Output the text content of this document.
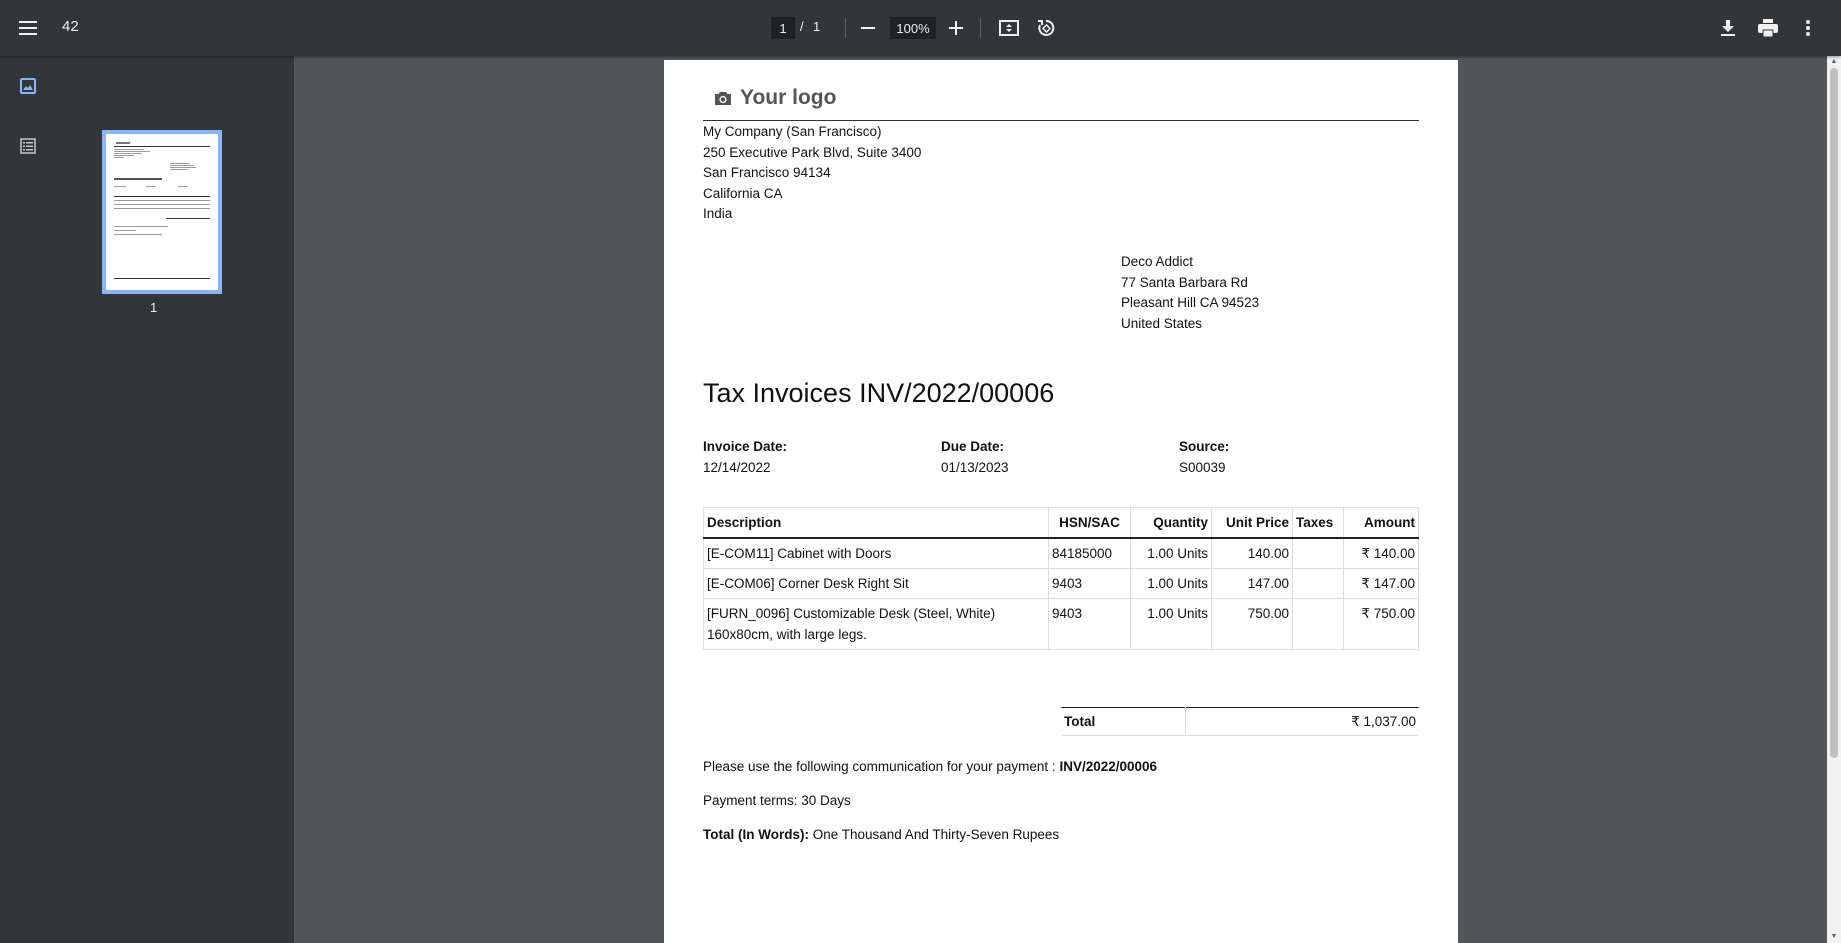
42
1	/ 1
100%
1
Your logo
My Company (San Francisco)
250 Executive Park Blvd, Suite 3400
San Francisco 94134
California CA
India
Deco Addict
77 Santa Barbara Rd
Pleasant Hill CA 94523
United States
Tax Invoices INV/2022/00006
Invoice Date:
12/14/2022
Due Date:
01/13/2023
Source:
S00039
Description	HSN/SAC	Quantity	Unit Price	Taxes	Amount
[E-COM11] Cabinet with Doors	84185000	1.00 Units	140.00		₹ 140.00
[E-COM06] Corner Desk Right Sit	9403	1.00 Units	147.00		₹ 147.00

[FURN_0096] Customizable Desk (Steel, White)
160x80cm, with large legs.	9403	1.00 Units	750.00		₹ 750.00
Total	₹ 1,037.00
Please use the following communication for your payment : INV/2022/00006
Payment terms: 30 Days
Total (In Words): One Thousand And Thirty-Seven Rupees
▲
▼
